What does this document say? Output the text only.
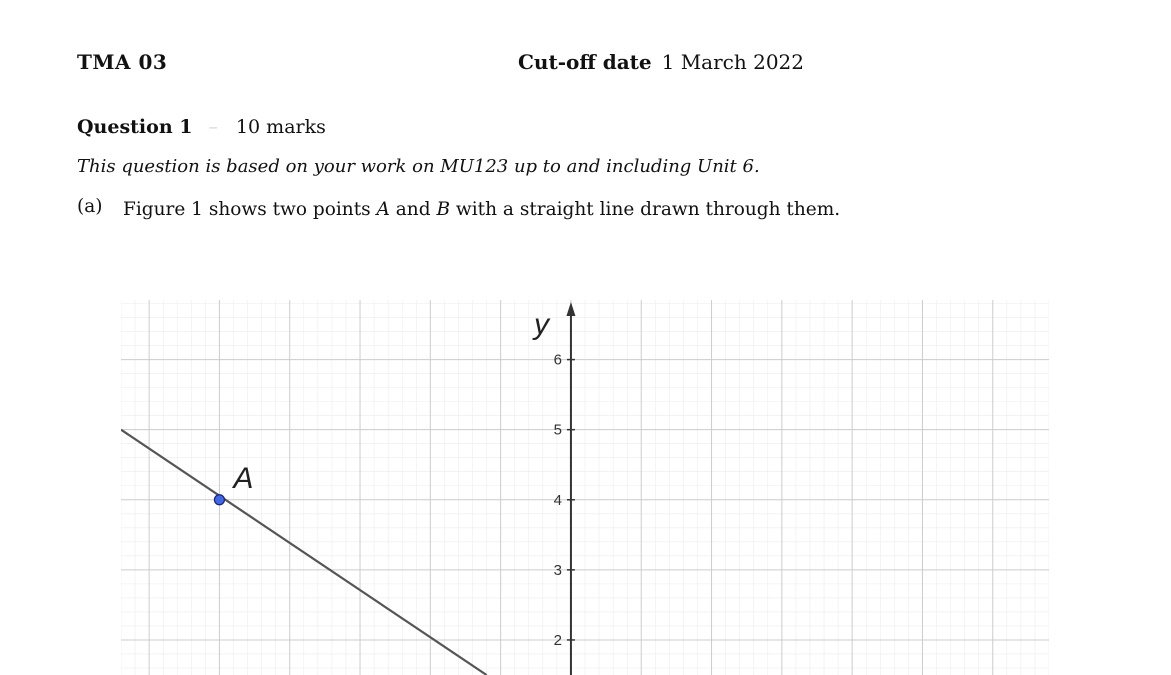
TMA 03	Cut-off date 1 March 2022
Question 1 – 10 marks
This question is based on your work on MU123 up to and including Unit 6.
(a) Figure 1 shows two points A and B with a straight line drawn through them.
2
3
4
5
6
y
A
